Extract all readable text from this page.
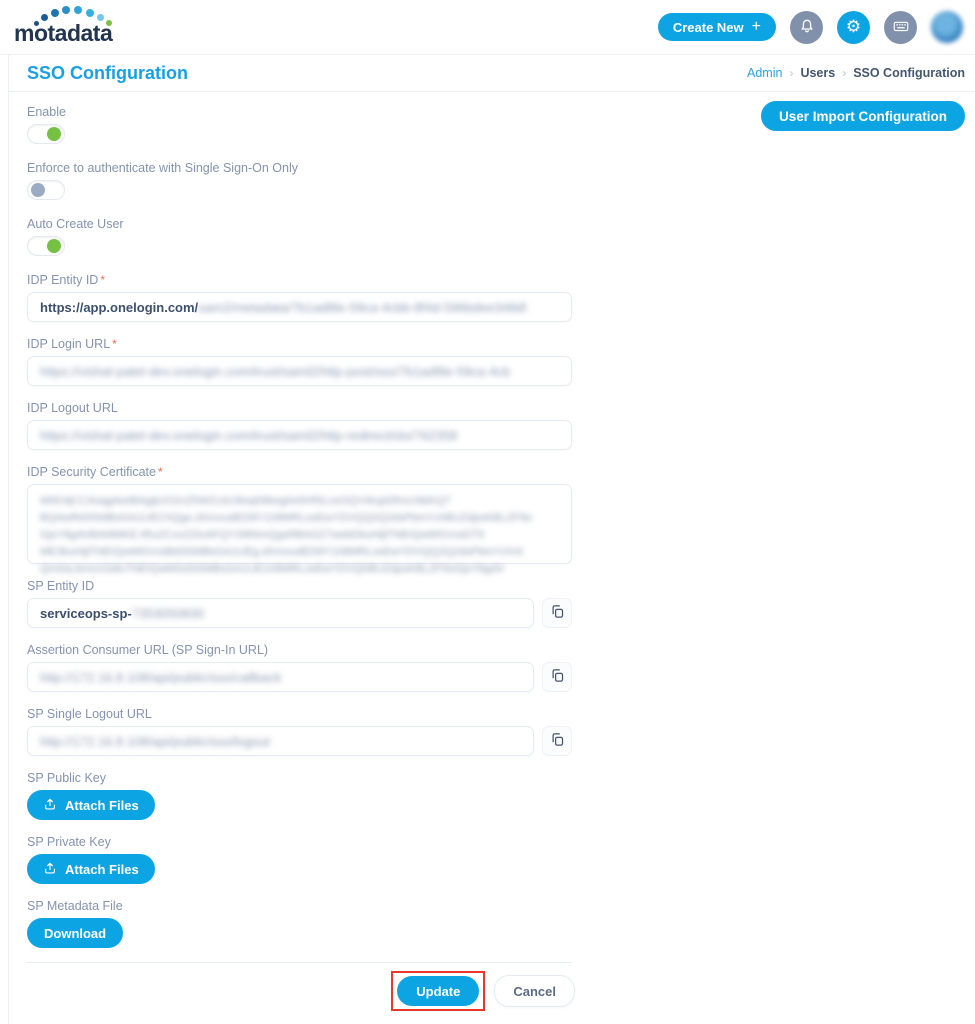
motadata	Create New +	⚙
SSO Configuration	Admin › Users › SSO Configuration
User Import Configuration
Enable
Enforce to authenticate with Single Sign-On Only
Auto Create User
IDP Entity ID *
https://app.onelogin.com/ sam2/metadata/7b1ad8le-59ca-4cbb-8f4d-596bdee348dl
IDP Login URL *
https://vishal-patel-dev.onelogin.com/trust/saml2/http-post/sso/7b1ad8le-59ca-4cb
IDP Logout URL
https://vishal-patel-dev.onelogin.com/trust/saml2/http-redirect/slo/762358
IDP Security Certificate *
MIID4jCCAsqgAwIBAgijUO2nZ5WZrzlcSkwj09bog0o5HfSLvsOQV4tujd2fnvcNbKQ7
BQAwRd3SMBsGA1UEChQgs.dXmxudED8Y108MRLssEwYDVQQ2Q2dsPbmYchBUZdpsKBLZF9o
GjsY8gAVBAMMKE.tRuZCxxZZluAFQY2t8NmQgsRBAGZ7webDkuHijlTNEIQwMGVxd2T9
ME3kuHijlTNEIQwMGVxd8d3SMBsGA1UEg.dXmxudED8Y108MRLssEwYDVQQ2Q2dsPbmYclVd
Qm0sLbms1GdlxTNEIQwMGd3SMBsGA1UE108MRLssEwYDVQhBUZdpsKBLZF9oGjsY8gAV
SP Entity ID
serviceops-sp- 7353050830
Assertion Consumer URL (SP Sign-In URL)
http://172.16.8.108/api/public/sso/callback
SP Single Logout URL
http://172.16.8.108/api/public/sso/logout
SP Public Key
Attach Files
SP Private Key
Attach Files
SP Metadata File
Download
Update	Cancel
